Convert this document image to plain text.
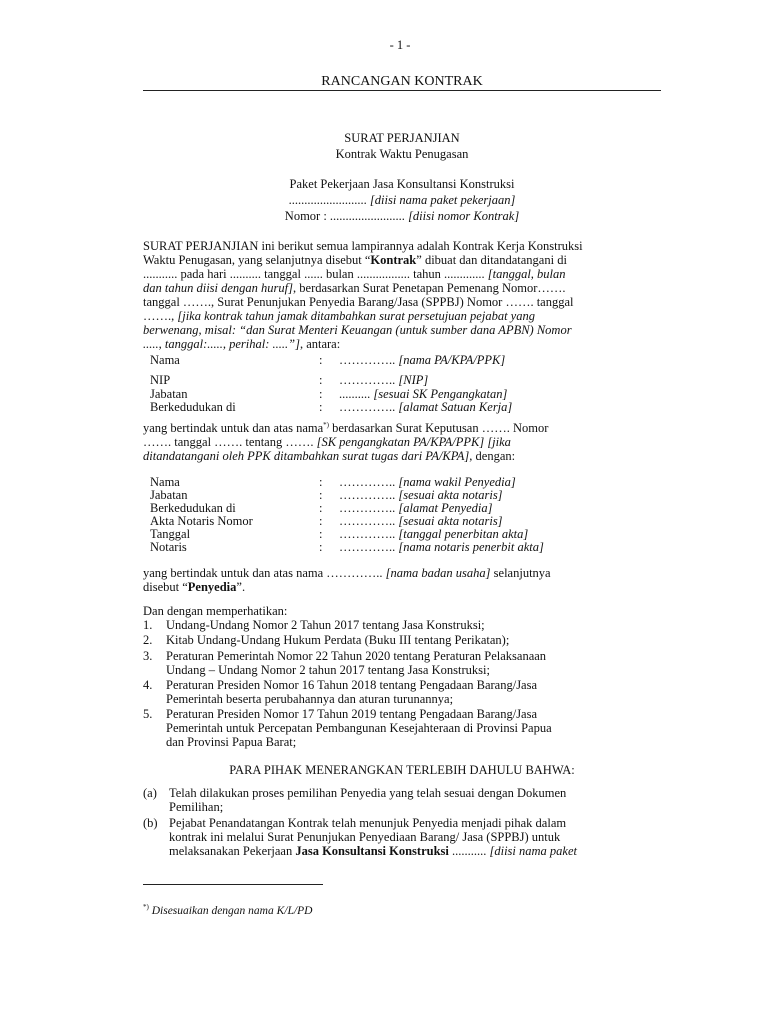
- 1 -
RANCANGAN KONTRAK
SURAT PERJANJIAN
Kontrak Waktu Penugasan
Paket Pekerjaan Jasa Konsultansi Konstruksi
......................... [diisi nama paket pekerjaan]
Nomor : ........................ [diisi nomor Kontrak]
SURAT PERJANJIAN ini berikut semua lampirannya adalah Kontrak Kerja Konstruksi
Waktu Penugasan, yang selanjutnya disebut “Kontrak” dibuat dan ditandatangani di
........... pada hari .......... tanggal ...... bulan ................. tahun ............. [tanggal, bulan
dan tahun diisi dengan huruf], berdasarkan Surat Penetapan Pemenang Nomor…….
tanggal ……., Surat Penunjukan Penyedia Barang/Jasa (SPPBJ) Nomor ……. tanggal
……., [jika kontrak tahun jamak ditambahkan surat persetujuan pejabat yang
berwenang, misal: “dan Surat Menteri Keuangan (untuk sumber dana APBN) Nomor
....., tanggal:....., perihal: .....”], antara:
Nama	: ………….. [nama PA/KPA/PPK]
NIP	: ………….. [NIP]
Jabatan	: .......... [sesuai SK Pengangkatan]
Berkedudukan di	: ………….. [alamat Satuan Kerja]
yang bertindak untuk dan atas nama*) berdasarkan Surat Keputusan ……. Nomor
……. tanggal ……. tentang ……. [SK pengangkatan PA/KPA/PPK] [jika
ditandatangani oleh PPK ditambahkan surat tugas dari PA/KPA], dengan:
Nama	: ………….. [nama wakil Penyedia]
Jabatan	: ………….. [sesuai akta notaris]
Berkedudukan di	: ………….. [alamat Penyedia]
Akta Notaris Nomor	: ………….. [sesuai akta notaris]
Tanggal	: ………….. [tanggal penerbitan akta]
Notaris	: ………….. [nama notaris penerbit akta]
yang bertindak untuk dan atas nama ………….. [nama badan usaha] selanjutnya
disebut “Penyedia”.
Dan dengan memperhatikan:
1. Undang-Undang Nomor 2 Tahun 2017 tentang Jasa Konstruksi;
2. Kitab Undang-Undang Hukum Perdata (Buku III tentang Perikatan);
3. Peraturan Pemerintah Nomor 22 Tahun 2020 tentang Peraturan Pelaksanaan
Undang – Undang Nomor 2 tahun 2017 tentang Jasa Konstruksi;
4. Peraturan Presiden Nomor 16 Tahun 2018 tentang Pengadaan Barang/Jasa
Pemerintah beserta perubahannya dan aturan turunannya;
5. Peraturan Presiden Nomor 17 Tahun 2019 tentang Pengadaan Barang/Jasa
Pemerintah untuk Percepatan Pembangunan Kesejahteraan di Provinsi Papua
dan Provinsi Papua Barat;
PARA PIHAK MENERANGKAN TERLEBIH DAHULU BAHWA:
(a) Telah dilakukan proses pemilihan Penyedia yang telah sesuai dengan Dokumen
Pemilihan;
(b) Pejabat Penandatangan Kontrak telah menunjuk Penyedia menjadi pihak dalam
kontrak ini melalui Surat Penunjukan Penyediaan Barang/ Jasa (SPPBJ) untuk
melaksanakan Pekerjaan Jasa Konsultansi Konstruksi ........... [diisi nama paket
*) Disesuaikan dengan nama K/L/PD
